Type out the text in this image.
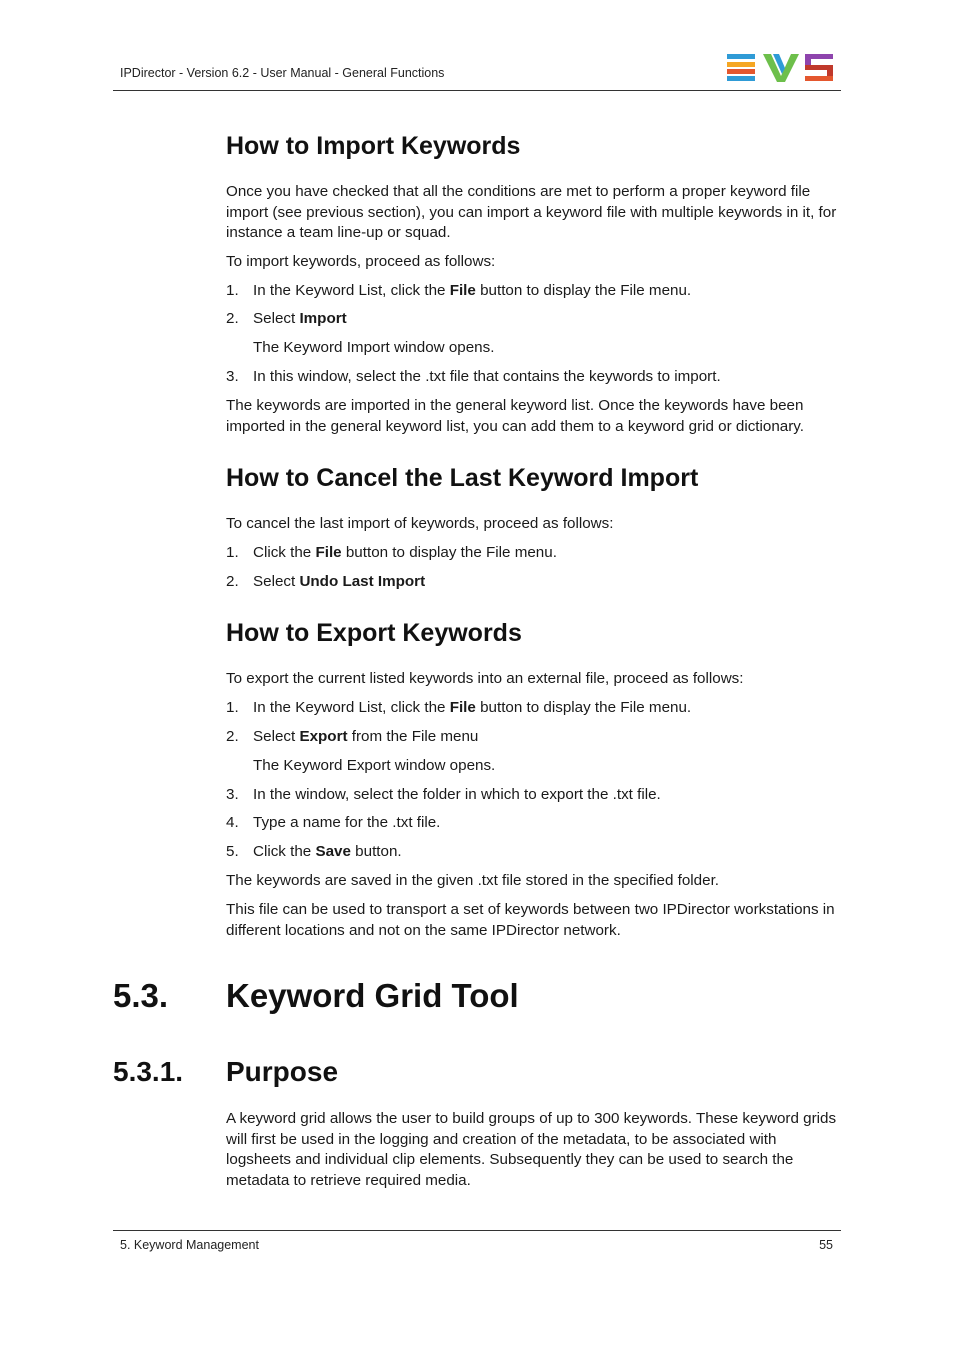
IPDirector - Version 6.2 - User Manual - General Functions
How to Import Keywords
Once you have checked that all the conditions are met to perform a proper keyword file import (see previous section), you can import a keyword file with multiple keywords in it, for instance a team line-up or squad.
To import keywords, proceed as follows:
1. In the Keyword List, click the File button to display the File menu.
2. Select Import
The Keyword Import window opens.
3. In this window, select the .txt file that contains the keywords to import.
The keywords are imported in the general keyword list. Once the keywords have been imported in the general keyword list, you can add them to a keyword grid or dictionary.
How to Cancel the Last Keyword Import
To cancel the last import of keywords, proceed as follows:
1. Click the File button to display the File menu.
2. Select Undo Last Import
How to Export Keywords
To export the current listed keywords into an external file, proceed as follows:
1. In the Keyword List, click the File button to display the File menu.
2. Select Export from the File menu
The Keyword Export window opens.
3. In the window, select the folder in which to export the .txt file.
4. Type a name for the .txt file.
5. Click the Save button.
The keywords are saved in the given .txt file stored in the specified folder.
This file can be used to transport a set of keywords between two IPDirector workstations in different locations and not on the same IPDirector network.
5.3. Keyword Grid Tool
5.3.1. Purpose
A keyword grid allows the user to build groups of up to 300 keywords. These keyword grids will first be used in the logging and creation of the metadata, to be associated with logsheets and individual clip elements. Subsequently they can be used to search the metadata to retrieve required media.
5. Keyword Management	55
